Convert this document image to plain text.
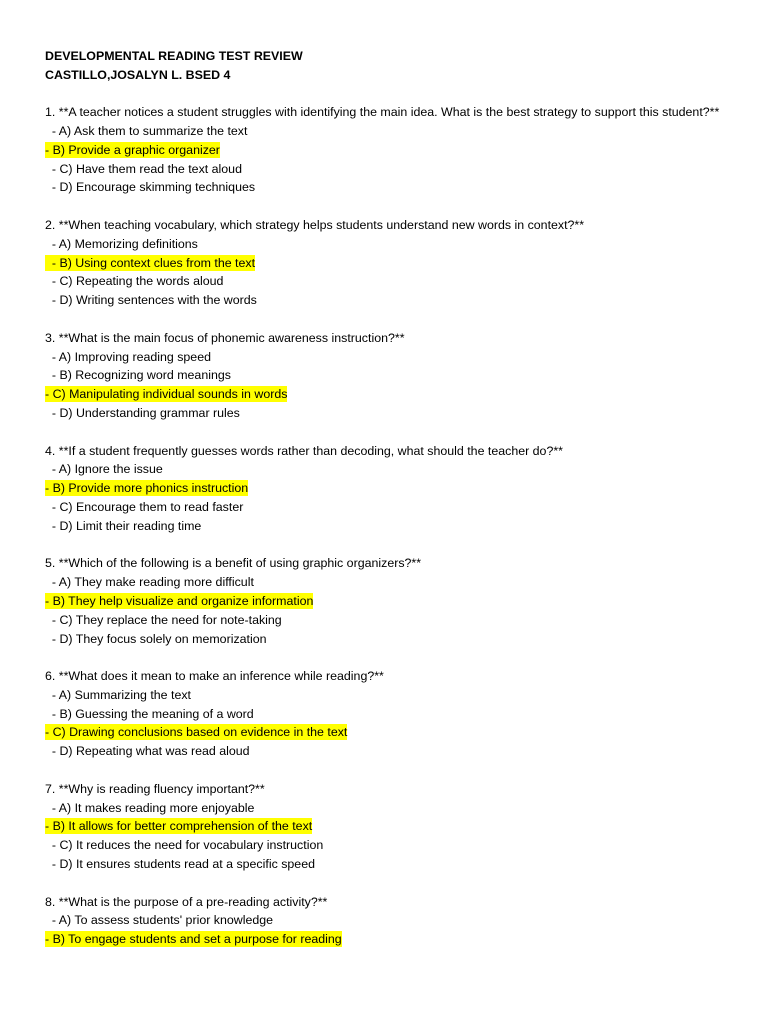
DEVELOPMENTAL READING TEST REVIEW
CASTILLO,JOSALYN L. BSED 4
1. **A teacher notices a student struggles with identifying the main idea. What is the best strategy to support this student?**
- A) Ask them to summarize the text
- B) Provide a graphic organizer
- C) Have them read the text aloud
- D) Encourage skimming techniques
2. **When teaching vocabulary, which strategy helps students understand new words in context?**
- A) Memorizing definitions
- B) Using context clues from the text
- C) Repeating the words aloud
- D) Writing sentences with the words
3. **What is the main focus of phonemic awareness instruction?**
- A) Improving reading speed
- B) Recognizing word meanings
- C) Manipulating individual sounds in words
- D) Understanding grammar rules
4. **If a student frequently guesses words rather than decoding, what should the teacher do?**
- A) Ignore the issue
- B) Provide more phonics instruction
- C) Encourage them to read faster
- D) Limit their reading time
5. **Which of the following is a benefit of using graphic organizers?**
- A) They make reading more difficult
- B) They help visualize and organize information
- C) They replace the need for note-taking
- D) They focus solely on memorization
6. **What does it mean to make an inference while reading?**
- A) Summarizing the text
- B) Guessing the meaning of a word
- C) Drawing conclusions based on evidence in the text
- D) Repeating what was read aloud
7. **Why is reading fluency important?**
- A) It makes reading more enjoyable
- B) It allows for better comprehension of the text
- C) It reduces the need for vocabulary instruction
- D) It ensures students read at a specific speed
8. **What is the purpose of a pre-reading activity?**
- A) To assess students' prior knowledge
- B) To engage students and set a purpose for reading
